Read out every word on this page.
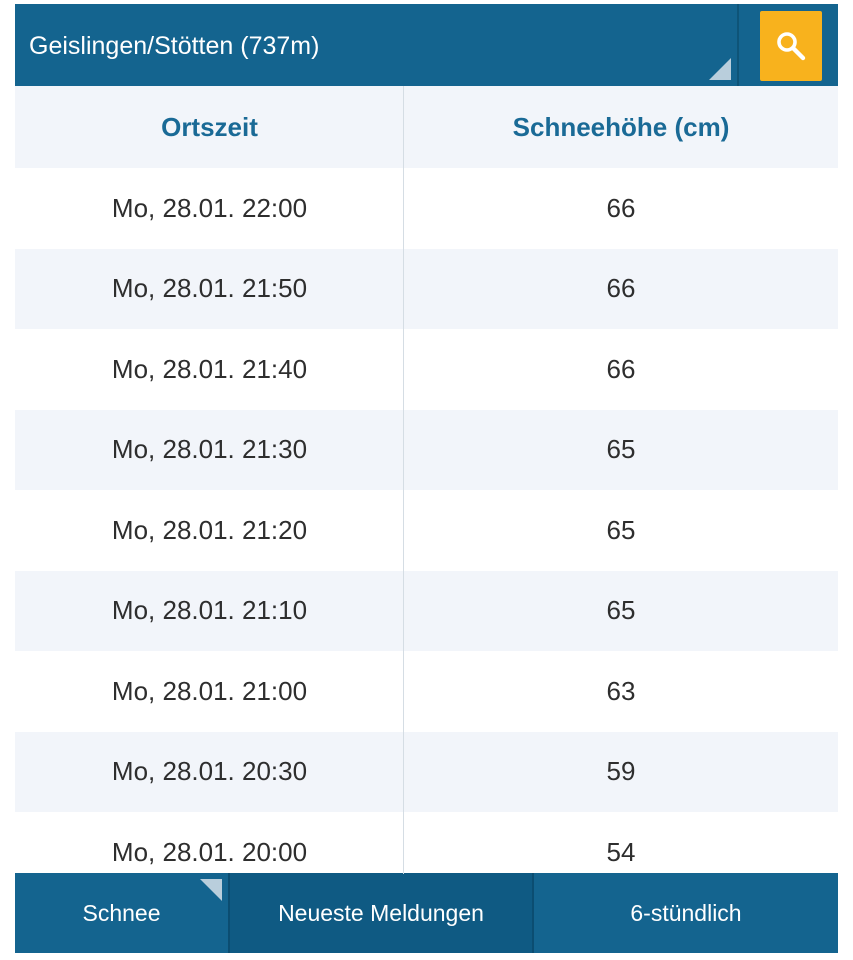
Geislingen/Stötten (737m)
Ortszeit	Schneehöhe (cm)
Mo, 28.01. 22:00	66
Mo, 28.01. 21:50	66
Mo, 28.01. 21:40	66
Mo, 28.01. 21:30	65
Mo, 28.01. 21:20	65
Mo, 28.01. 21:10	65
Mo, 28.01. 21:00	63
Mo, 28.01. 20:30	59
Mo, 28.01. 20:00	54
Schnee	Neueste Meldungen	6-stündlich
